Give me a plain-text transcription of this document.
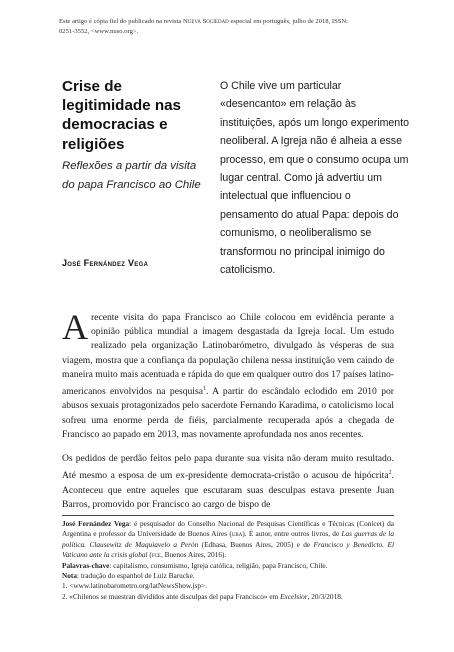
Este artigo é cópia fiel do publicado na revista Nueva Sociedad especial em português, julho de 2018, ISSN: 0251-3552, <www.nuso.org>.
Crise de legitimidade nas democracias e religiões
Reflexões a partir da visita do papa Francisco ao Chile
José Fernández Vega
O Chile vive um particular «desencanto» em relação às instituições, após um longo experimento neoliberal. A Igreja não é alheia a esse processo, em que o consumo ocupa um lugar central. Como já advertiu um intelectual que influenciou o pensamento do atual Papa: depois do comunismo, o neoliberalismo se transformou no principal inimigo do catolicismo.

Arecente visita do papa Francisco ao Chile colocou em evidência perante a opinião pública mundial a imagem desgastada da Igreja local. Um estudo realizado pela organização Latinobarómetro, divulgado às vésperas de sua viagem, mostra que a confiança da população chilena nessa instituição vem caindo de maneira muito mais acentuada e rápida do que em qualquer outro dos 17 países latino-americanos envolvidos na pesquisa$^1$. A partir do escândalo eclodido em 2010 por abusos sexuais protagonizados pelo sacerdote Fernando Karadima, o catolicismo local sofreu uma enorme perda de fiéis, parcialmente recuperada após a chegada de Francisco ao papado em 2013, mas novamente aprofundada nos anos recentes.

Os pedidos de perdão feitos pelo papa durante sua visita não deram muito resultado. Até mesmo a esposa de um ex-presidente democrata-cristão o acusou de hipócrita$^2$. Aconteceu que entre aqueles que escutaram suas desculpas estava presente Juan Barros, promovido por Francisco ao cargo de bispo de

José Fernández Vega: é pesquisador do Conselho Nacional de Pesquisas Científicas e Técnicas (Conicet) da Argentina e professor da Universidade de Buenos Aires (uba). É autor, entre outros livros, de Las guerras de la política. Clausewitz de Maquiavelo a Perón (Edhasa, Buenos Aires, 2005) e de Francisco y Benedicto. El Vaticano ante la crisis global (fce, Buenos Aires, 2016).

Palavras-chave: capitalismo, consumismo, Igreja católica, religião, papa Francisco, Chile.

Nota: tradução do espanhol de Luiz Baruckе.

1. <www.latinobarometro.org/latNewsShow.jsp>.

2. «Chilenos se muestran divididos ante disculpas del papa Francisco» em Excelsior, 20/3/2018.
